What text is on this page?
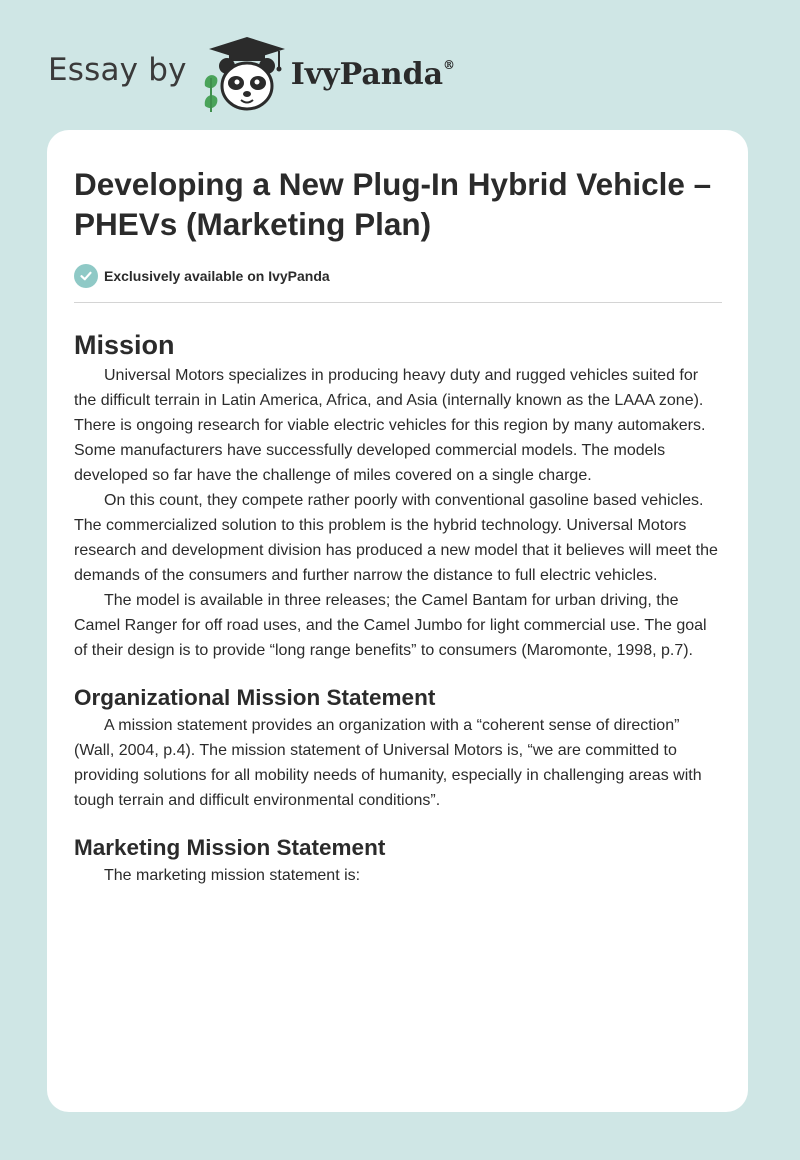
Essay by	IvyPanda®
Developing a New Plug-In Hybrid Vehicle –PHEVs (Marketing Plan)
Exclusively available on IvyPanda
Mission

Universal Motors specializes in producing heavy duty and rugged vehicles suited for the difficult terrain in Latin America, Africa, and Asia (internally known as the LAAA zone). There is ongoing research for viable electric vehicles for this region by many automakers. Some manufacturers have successfully developed commercial models. The models developed so far have the challenge of miles covered on a single charge.

On this count, they compete rather poorly with conventional gasoline based vehicles. The commercialized solution to this problem is the hybrid technology. Universal Motors research and development division has produced a new model that it believes will meet the demands of the consumers and further narrow the distance to full electric vehicles.

The model is available in three releases; the Camel Bantam for urban driving, the Camel Ranger for off road uses, and the Camel Jumbo for light commercial use. The goal of their design is to provide “long range benefits” to consumers (Maromonte, 1998, p.7).

Organizational Mission Statement

A mission statement provides an organization with a “coherent sense of direction” (Wall, 2004, p.4). The mission statement of Universal Motors is, “we are committed to providing solutions for all mobility needs of humanity, especially in challenging areas with tough terrain and difficult environmental conditions”.

Marketing Mission Statement

The marketing mission statement is:
